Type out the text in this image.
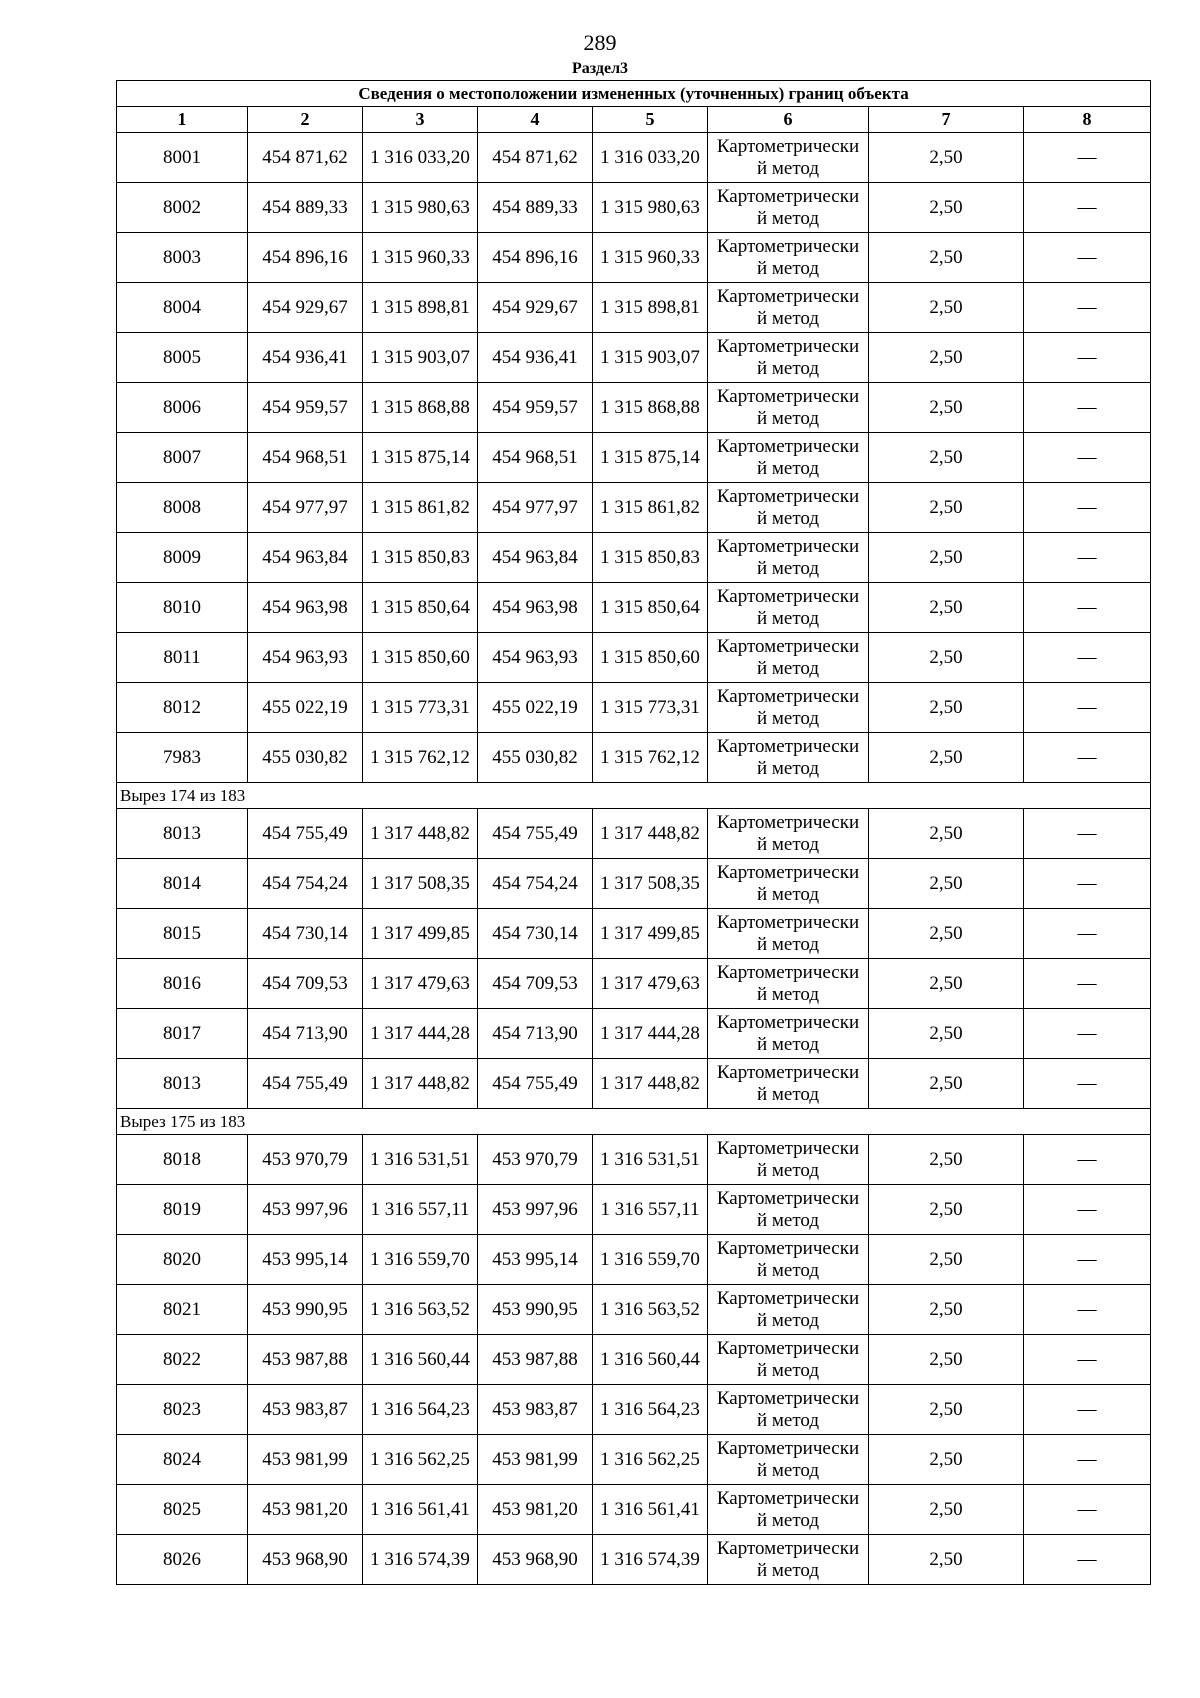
289
Раздел3
Сведения о местоположении измененных (уточненных) границ объекта							
1	2	3	4	5	6	7	8
8001	454 871,62	1 316 033,20	454 871,62	1 316 033,20	Картометрически
й метод	2,50	—
8002	454 889,33	1 315 980,63	454 889,33	1 315 980,63	Картометрически
й метод	2,50	—
8003	454 896,16	1 315 960,33	454 896,16	1 315 960,33	Картометрически
й метод	2,50	—
8004	454 929,67	1 315 898,81	454 929,67	1 315 898,81	Картометрически
й метод	2,50	—
8005	454 936,41	1 315 903,07	454 936,41	1 315 903,07	Картометрически
й метод	2,50	—
8006	454 959,57	1 315 868,88	454 959,57	1 315 868,88	Картометрически
й метод	2,50	—
8007	454 968,51	1 315 875,14	454 968,51	1 315 875,14	Картометрически
й метод	2,50	—
8008	454 977,97	1 315 861,82	454 977,97	1 315 861,82	Картометрически
й метод	2,50	—
8009	454 963,84	1 315 850,83	454 963,84	1 315 850,83	Картометрически
й метод	2,50	—
8010	454 963,98	1 315 850,64	454 963,98	1 315 850,64	Картометрически
й метод	2,50	—
8011	454 963,93	1 315 850,60	454 963,93	1 315 850,60	Картометрически
й метод	2,50	—
8012	455 022,19	1 315 773,31	455 022,19	1 315 773,31	Картометрически
й метод	2,50	—
7983	455 030,82	1 315 762,12	455 030,82	1 315 762,12	Картометрически
й метод	2,50	—
Вырез 174 из 183							
8013	454 755,49	1 317 448,82	454 755,49	1 317 448,82	Картометрически
й метод	2,50	—
8014	454 754,24	1 317 508,35	454 754,24	1 317 508,35	Картометрически
й метод	2,50	—
8015	454 730,14	1 317 499,85	454 730,14	1 317 499,85	Картометрически
й метод	2,50	—
8016	454 709,53	1 317 479,63	454 709,53	1 317 479,63	Картометрически
й метод	2,50	—
8017	454 713,90	1 317 444,28	454 713,90	1 317 444,28	Картометрически
й метод	2,50	—
8013	454 755,49	1 317 448,82	454 755,49	1 317 448,82	Картометрически
й метод	2,50	—
Вырез 175 из 183							
8018	453 970,79	1 316 531,51	453 970,79	1 316 531,51	Картометрически
й метод	2,50	—
8019	453 997,96	1 316 557,11	453 997,96	1 316 557,11	Картометрически
й метод	2,50	—
8020	453 995,14	1 316 559,70	453 995,14	1 316 559,70	Картометрически
й метод	2,50	—
8021	453 990,95	1 316 563,52	453 990,95	1 316 563,52	Картометрически
й метод	2,50	—
8022	453 987,88	1 316 560,44	453 987,88	1 316 560,44	Картометрически
й метод	2,50	—
8023	453 983,87	1 316 564,23	453 983,87	1 316 564,23	Картометрически
й метод	2,50	—
8024	453 981,99	1 316 562,25	453 981,99	1 316 562,25	Картометрически
й метод	2,50	—
8025	453 981,20	1 316 561,41	453 981,20	1 316 561,41	Картометрически
й метод	2,50	—
8026	453 968,90	1 316 574,39	453 968,90	1 316 574,39	Картометрически
й метод	2,50	—
